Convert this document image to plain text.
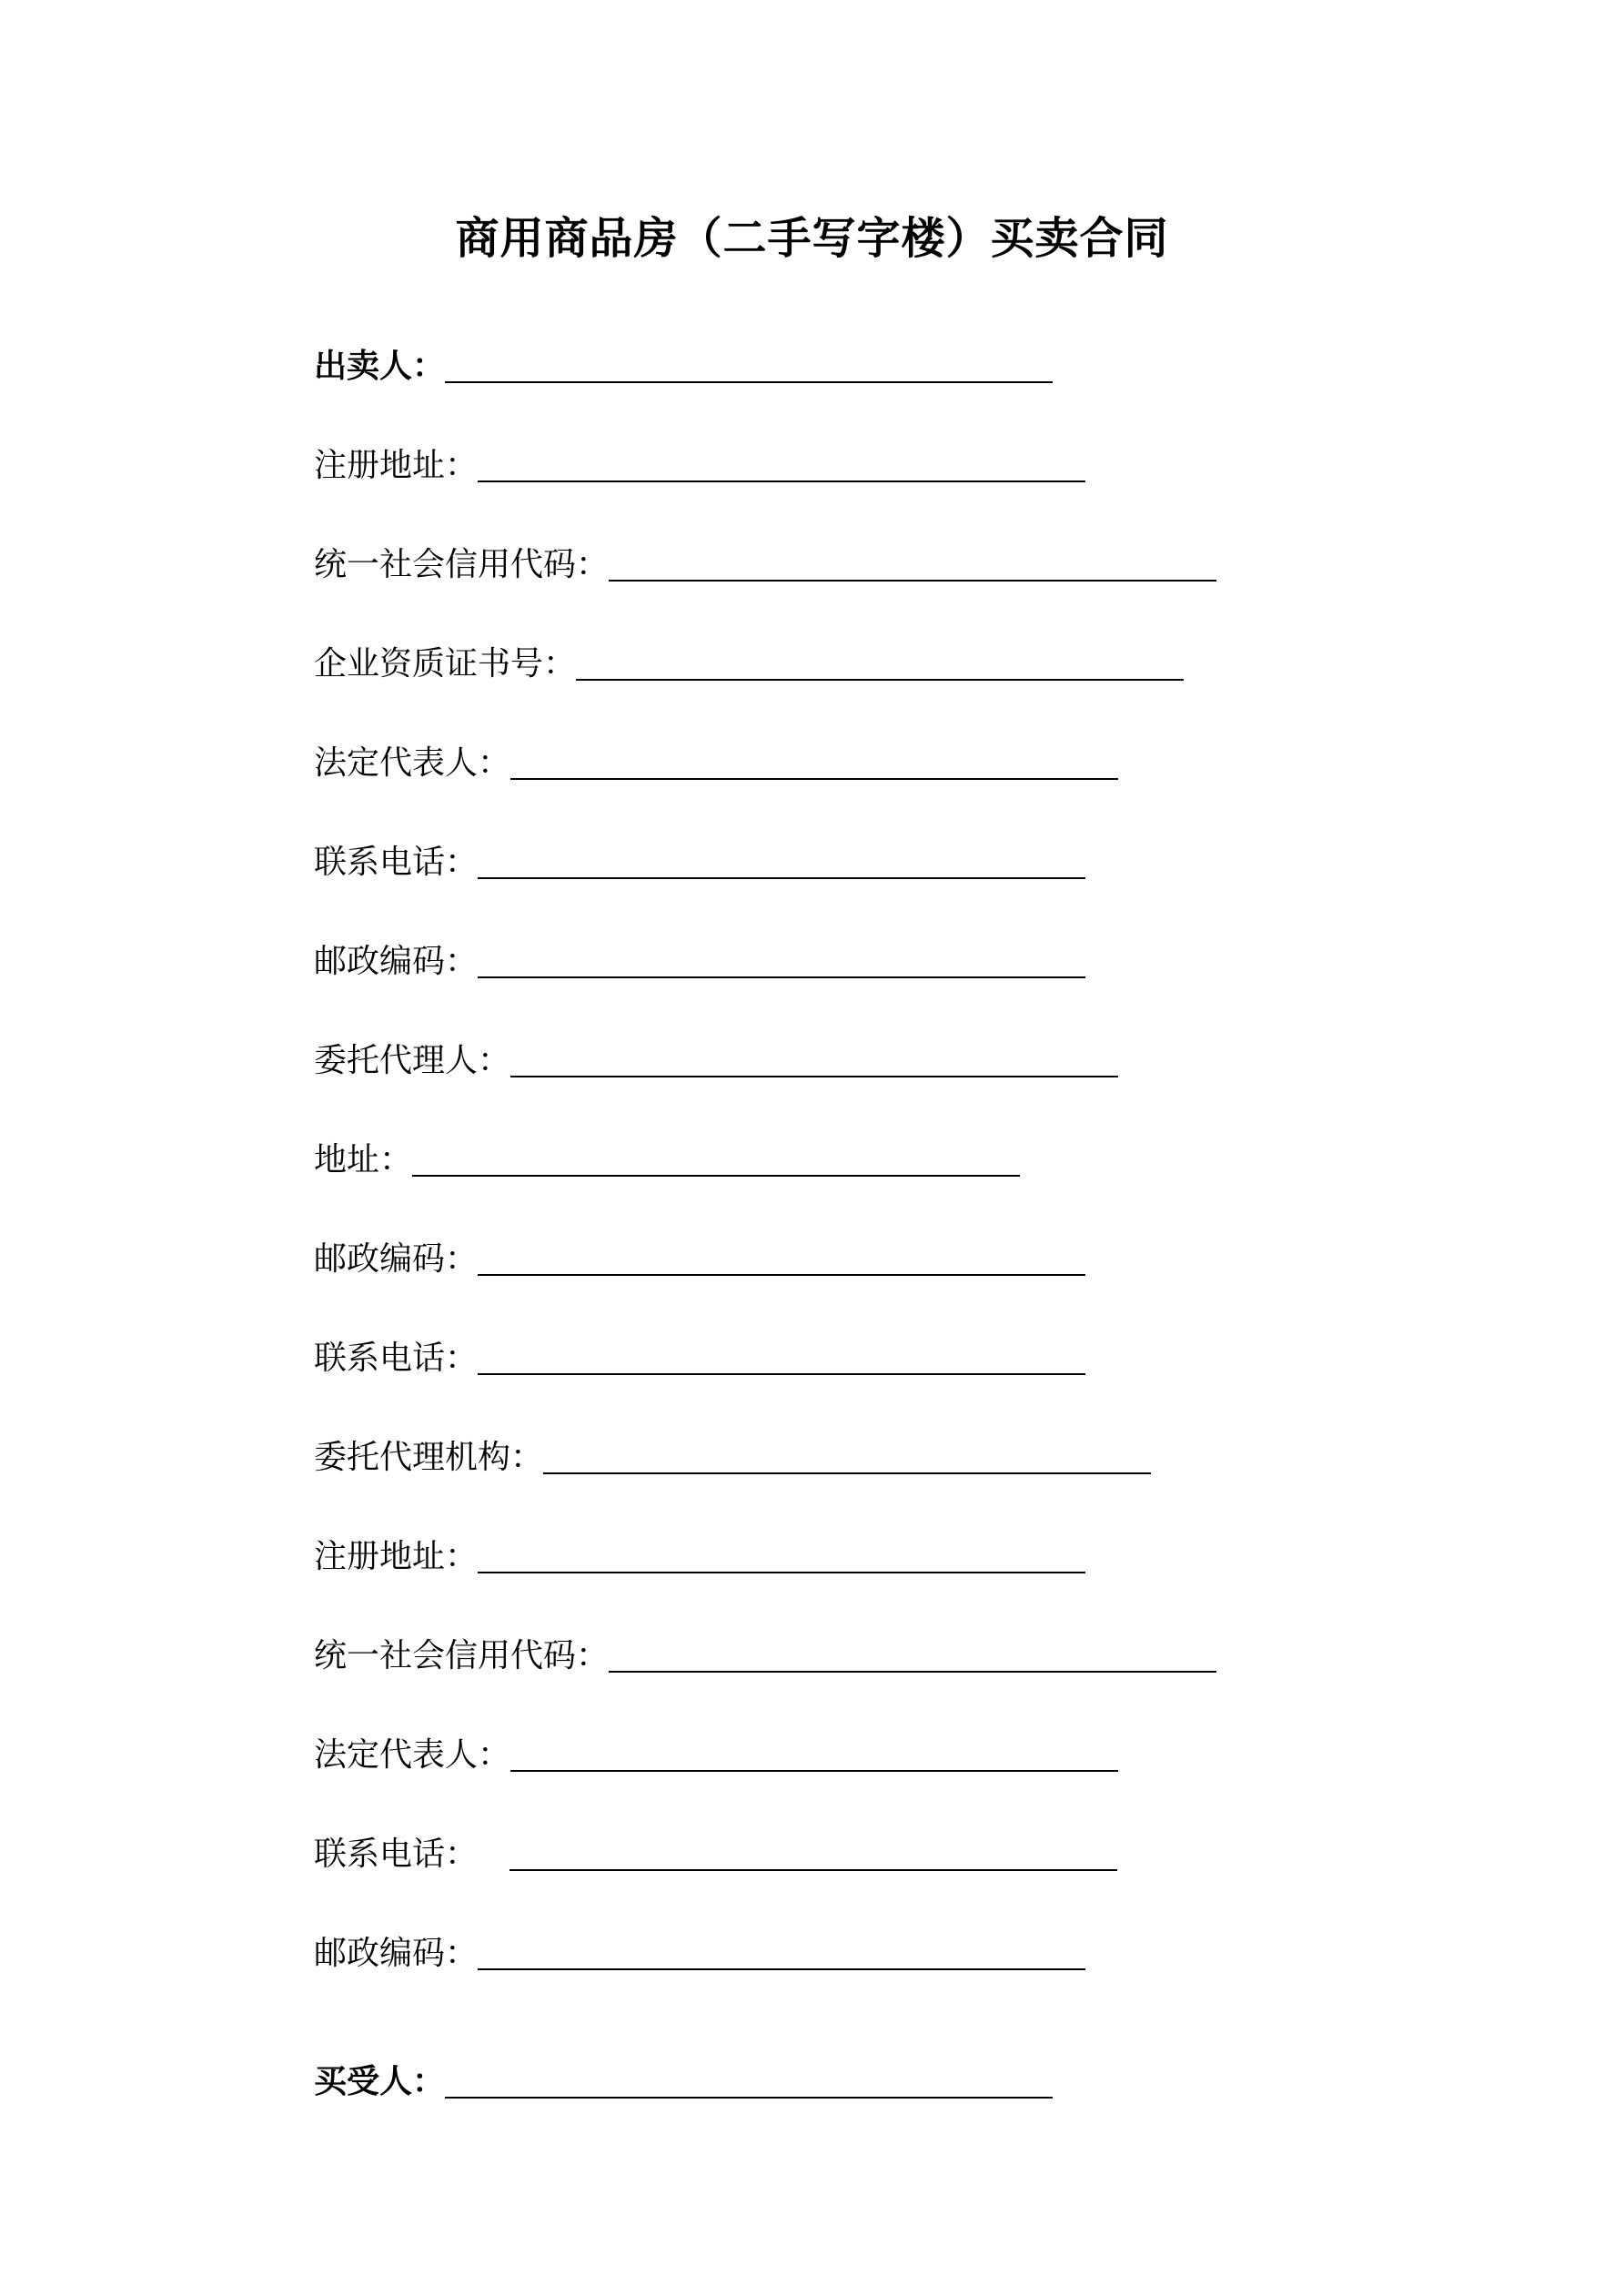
商用商品房（二手写字楼）买卖合同
出卖人：
注册地址：
统一社会信用代码：
企业资质证书号：
法定代表人：
联系电话：
邮政编码：
委托代理人：
地址：
邮政编码：
联系电话：
委托代理机构：
注册地址：
统一社会信用代码：
法定代表人：
联系电话：
邮政编码：
买受人：
